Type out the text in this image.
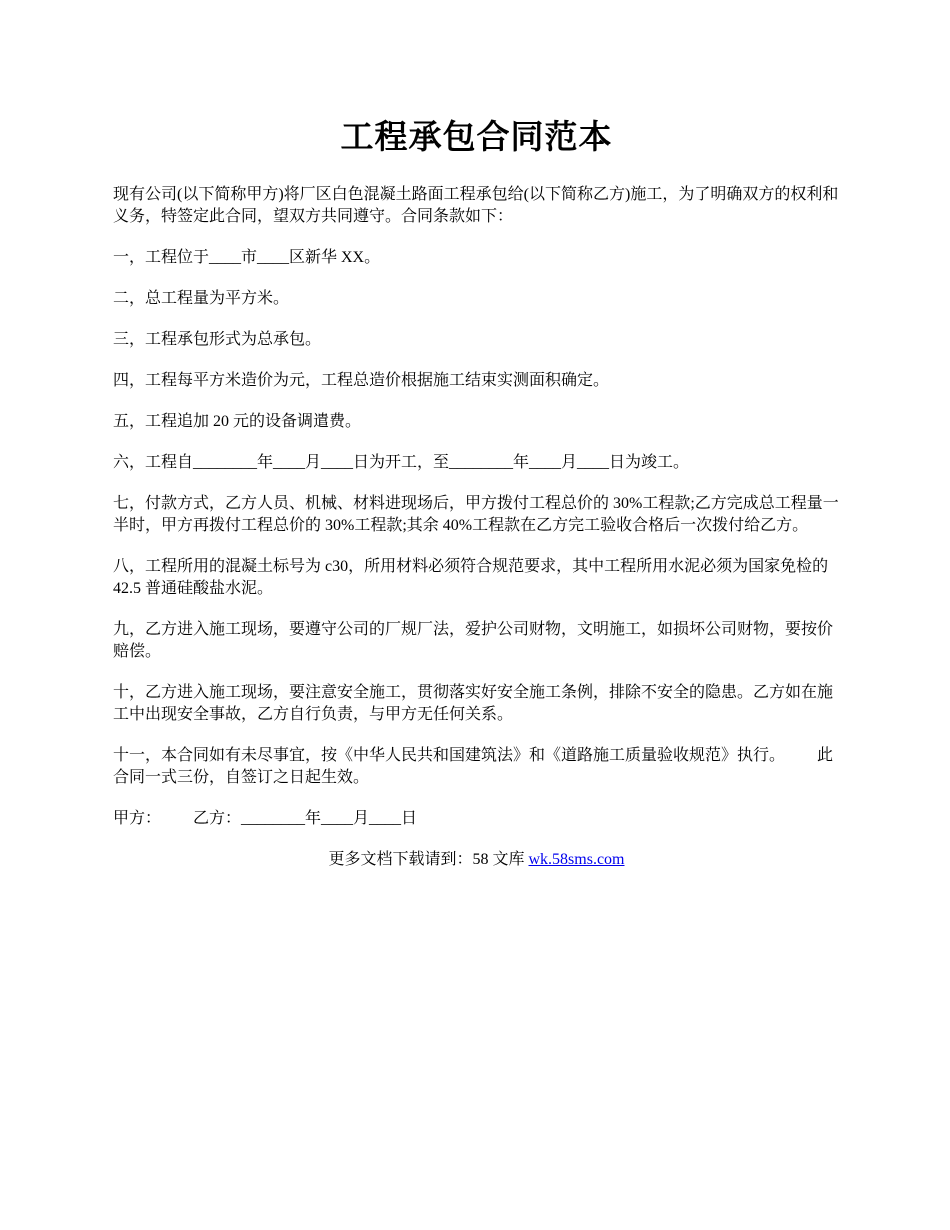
工程承包合同范本
现有公司(以下简称甲方)将厂区白色混凝土路面工程承包给(以下简称乙方)施工，为了明确双方的权利和义务，特签定此合同，望双方共同遵守。合同条款如下：
一，工程位于____市____区新华 XX。
二，总工程量为平方米。
三，工程承包形式为总承包。
四，工程每平方米造价为元，工程总造价根据施工结束实测面积确定。
五，工程追加 20 元的设备调遣费。
六，工程自________年____月____日为开工，至________年____月____日为竣工。
七，付款方式，乙方人员、机械、材料进现场后，甲方拨付工程总价的 30%工程款;乙方完成总工程量一半时，甲方再拨付工程总价的 30%工程款;其余 40%工程款在乙方完工验收合格后一次拨付给乙方。
八，工程所用的混凝土标号为 c30，所用材料必须符合规范要求，其中工程所用水泥必须为国家免检的 42.5 普通硅酸盐水泥。
九，乙方进入施工现场，要遵守公司的厂规厂法，爱护公司财物，文明施工，如损坏公司财物，要按价赔偿。
十，乙方进入施工现场，要注意安全施工，贯彻落实好安全施工条例，排除不安全的隐患。乙方如在施工中出现安全事故，乙方自行负责，与甲方无任何关系。
十一，本合同如有未尽事宜，按《中华人民共和国建筑法》和《道路施工质量验收规范》执行。        此合同一式三份，自签订之日起生效。
甲方：        乙方：________年____月____日
更多文档下载请到：58 文库 wk.58sms.com
